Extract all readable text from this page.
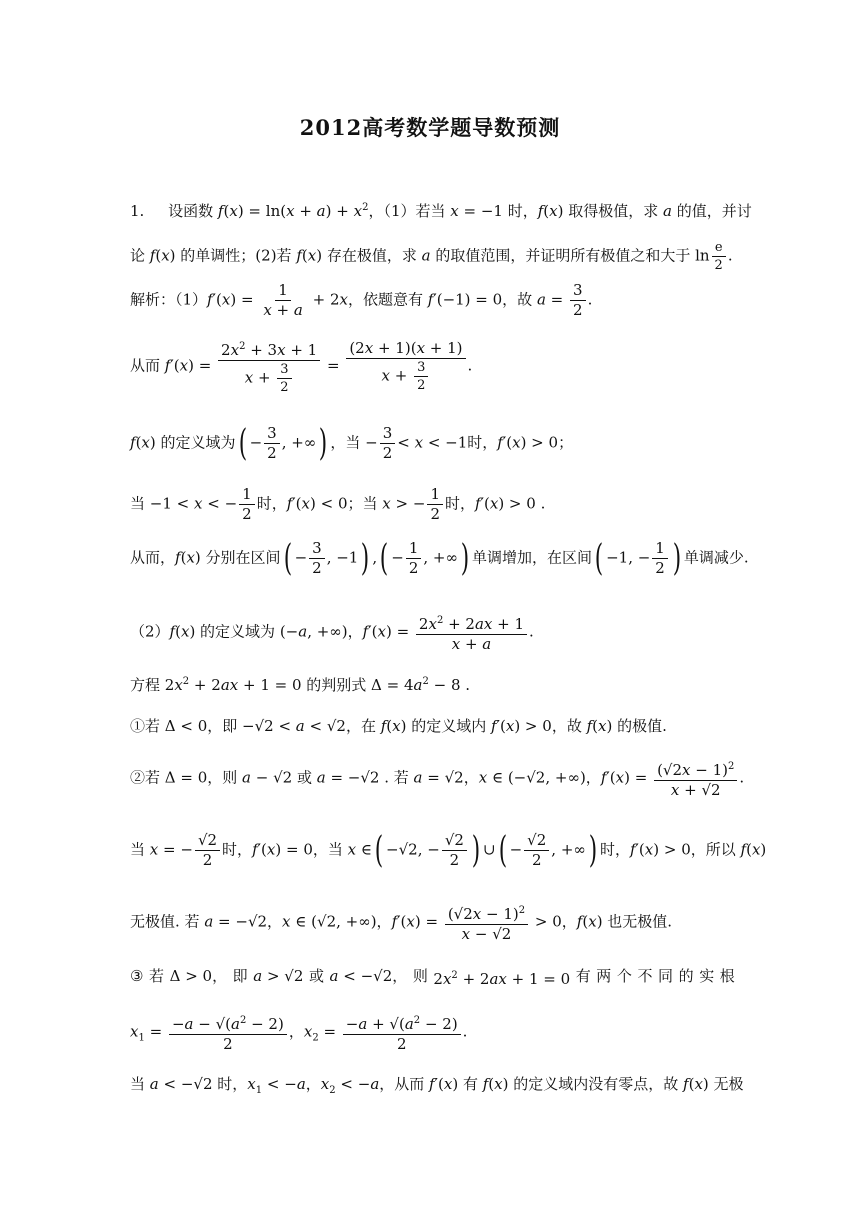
2012高考数学题导数预测
1.     设函数 $f(x) = \ln(x + a) + x^2$，（1）若当 x = −1 时，f(x) 取得极值，求 a 的值，并讨
论 f(x) 的单调性；(2)若 f(x) 存在极值，求 a 的取值范围，并证明所有极值之和大于 $\ln \frac{e}{2}$ .
解析：$(1)f'(x) = \frac{1}{x + a} + 2x$，依题意有 f′(−1) = 0，故 $a = \frac{3}{2}$ .
从而 $f'(x) = \frac{2x^2 + 3x + 1}{x + \frac{3}{2}} = \frac{(2x + 1)(x + 1)}{x + \frac{3}{2}}$ .
f(x) 的定义域为( − $\frac{3}{2}$ , +∞) ，当 − $\frac{3}{2} < x < -1$时，f′(x) > 0；
当 −1 < x < − $\frac{1}{2}$ 时，f′(x) < 0；当 x > − $\frac{1}{2}$ 时，f′(x) > 0 .
从而，f(x) 分别在区间( − $\frac{3}{2}$ , −1) ,( − $\frac{1}{2}$ , +∞) 单调增加，在区间( −1, − $\frac{1}{2}$ ) 单调减少.
（2）f(x) 的定义域为 (−a, +∞)，$f'(x) = \frac{2x^2 + 2ax + 1}{x + a}$ .
方程 $2x^2 + 2ax + 1 = 0$ 的判别式 $\Delta = 4a^2 - 8$ .
①若 Δ < 0，即 −√2 < a < √2，在 f(x) 的定义域内 f′(x) > 0，故 f(x) 的极值.
②若 Δ = 0，则 a − √2 或 a = −√2 . 若 a = √2，x ∈ (−√2, +∞)，$f'(x) = \frac{(√2x - 1)^2}{x + √2}$ .
当 x = − $\frac{√2}{2}$ 时，f′(x) = 0，当 x ∈( −√2, − $\frac{√2}{2}$ ) ∪( − $\frac{√2}{2}$ , +∞) 时，f′(x) > 0，所以 f(x)
无极值. 若 a = −√2，x ∈ (√2, +∞)，$f'(x) = \frac{(√2x - 1)^2}{x - √2} > 0$，f(x) 也无极值.
③ 若 Δ > 0， 即 a > √2 或 a < −√2， 则 $2x^2 + 2ax + 1 = 0$ 有 两 个 不 同 的 实 根
$x_1 = \frac{-a - √(a^2 - 2)}{2}$ ，$x_2 = \frac{-a + √(a^2 - 2)}{2}$ .
当 a < −√2 时，$x_1 < -a$，$x_2 < -a$，从而 f′(x) 有 f(x) 的定义域内没有零点，故 f(x) 无极
